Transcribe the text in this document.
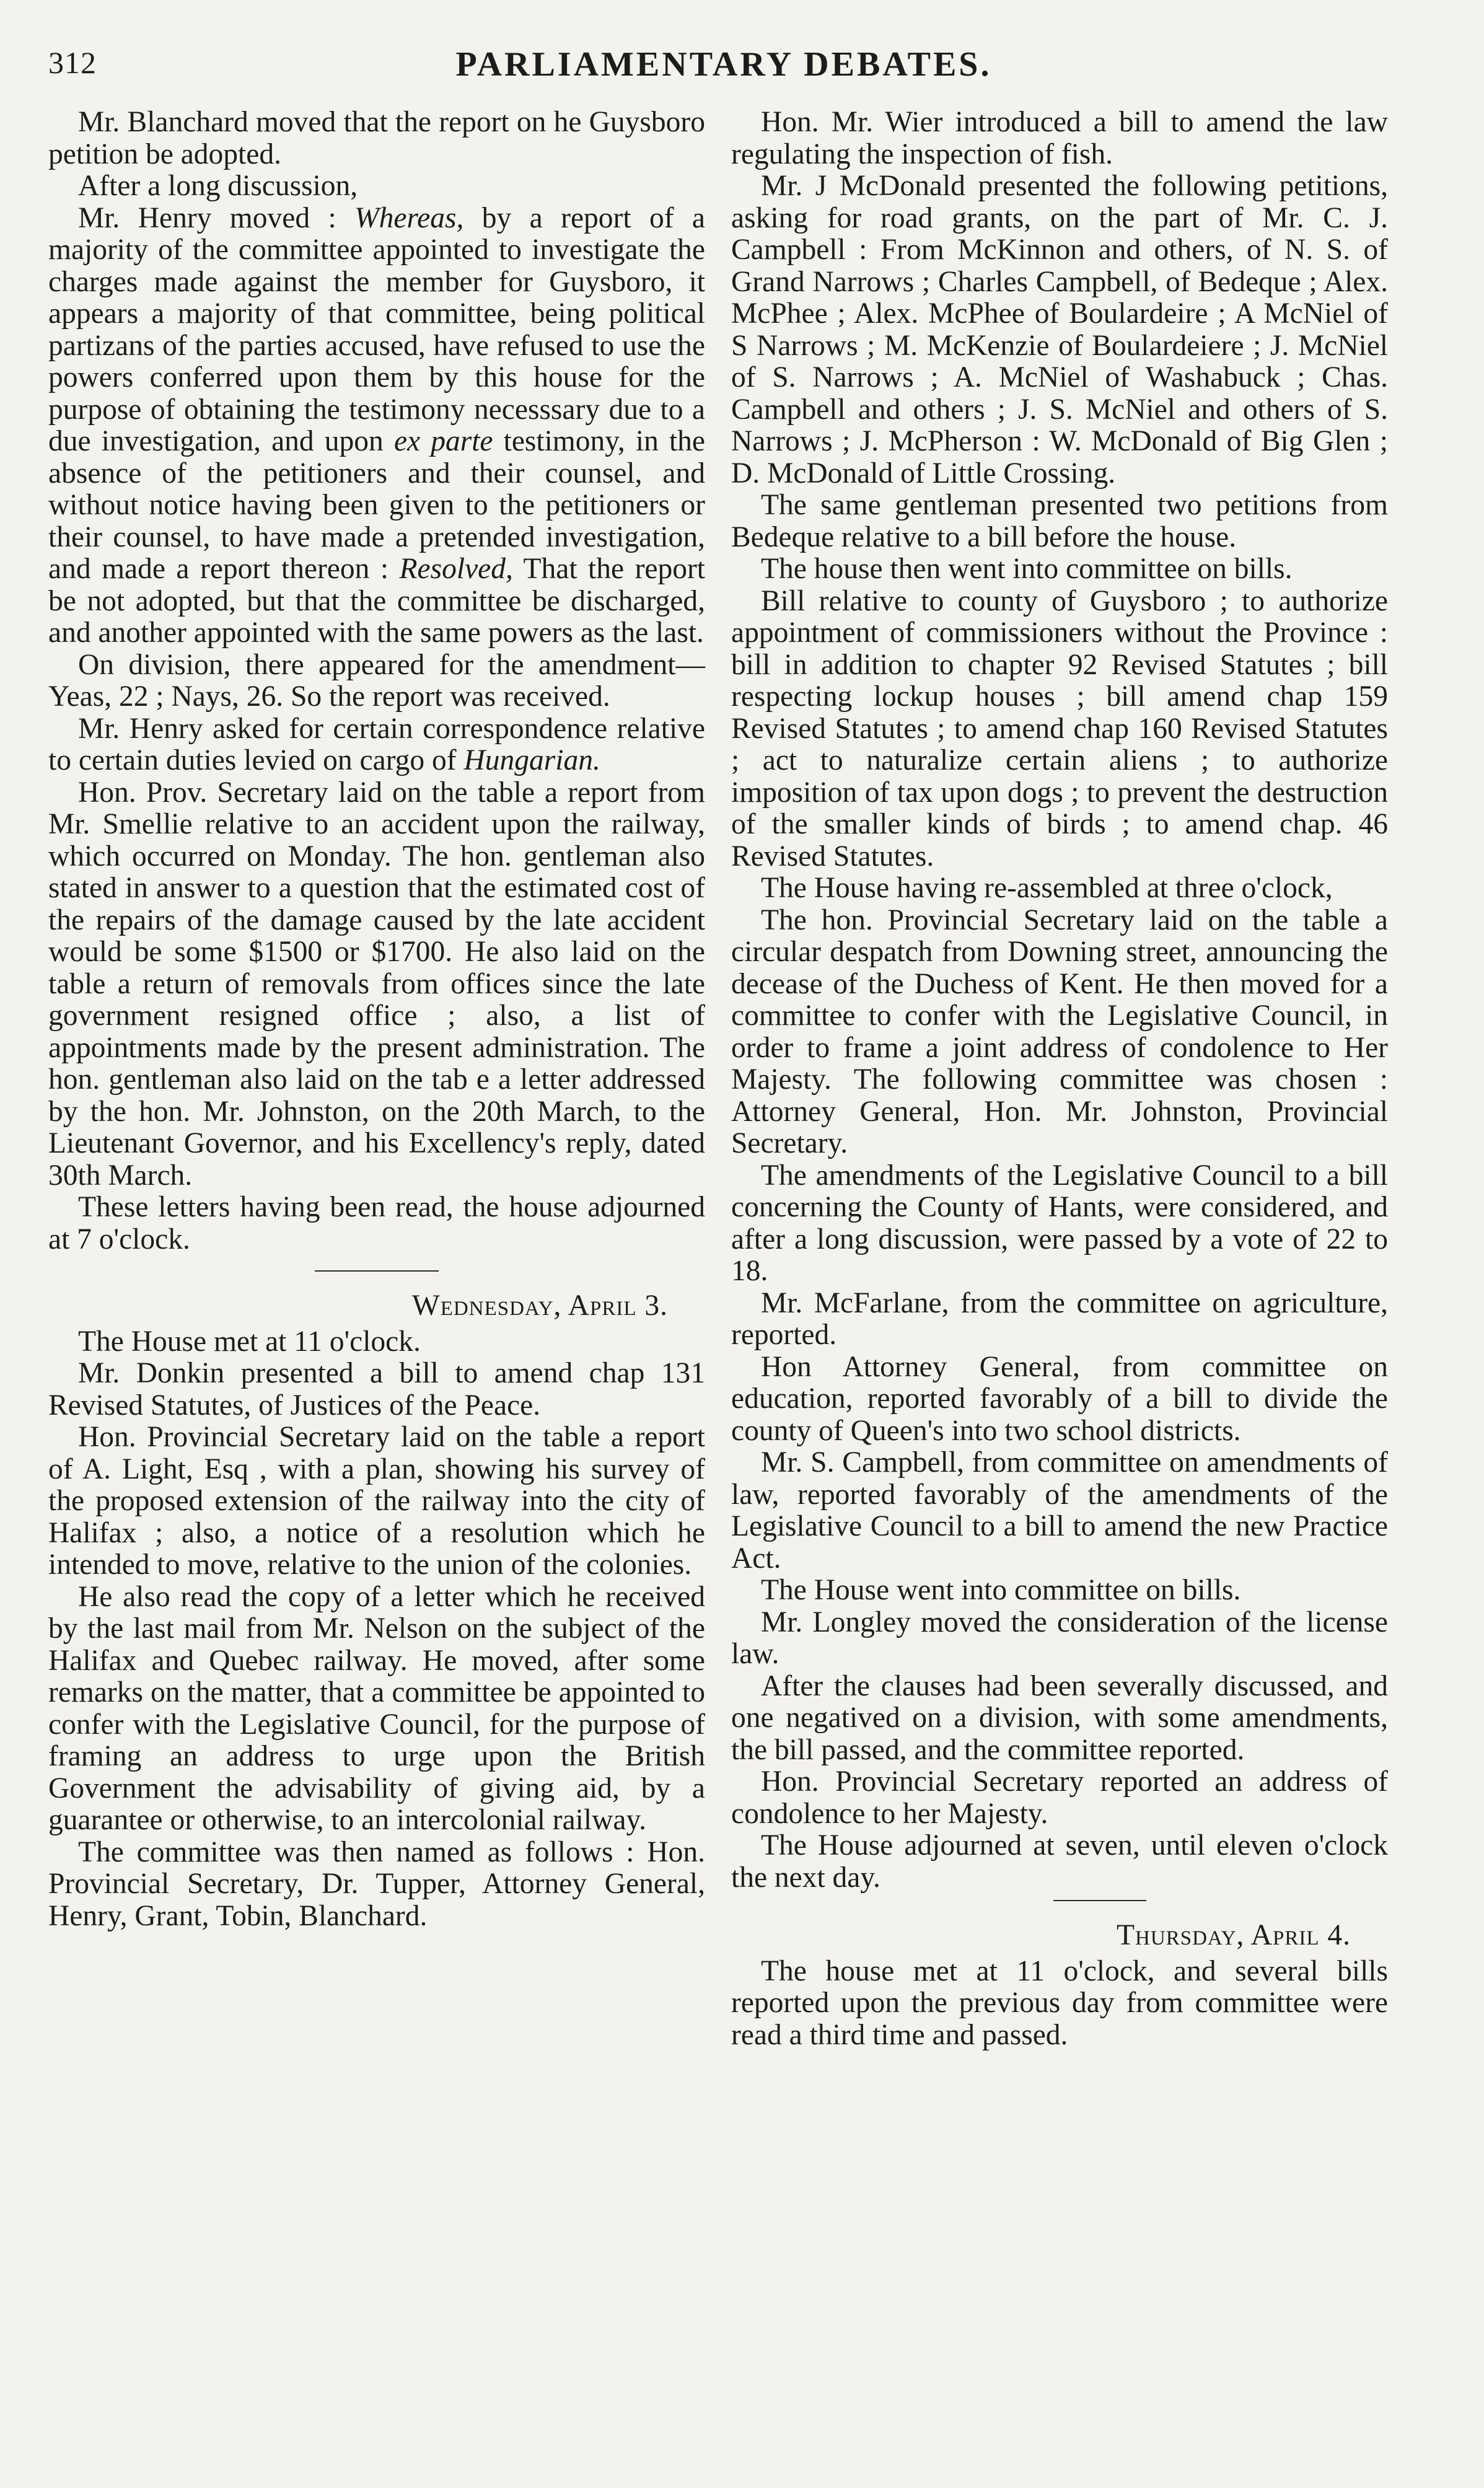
312	PARLIAMENTARY DEBATES.

Mr. Blanchard moved that the report on he Guysboro petition be adopted.

After a long discussion,

Mr. Henry moved : Whereas, by a report of a majority of the committee appointed to investigate the charges made against the member for Guysboro, it appears a majority of that committee, being political partizans of the parties accused, have refused to use the powers conferred upon them by this house for the purpose of obtaining the testimony necesssary due to a due investigation, and upon ex parte testimony, in the absence of the petitioners and their counsel, and without notice having been given to the petitioners or their counsel, to have made a pretended investigation, and made a report thereon : Resolved, That the report be not adopted, but that the committee be discharged, and another appointed with the same powers as the last.

On division, there appeared for the amendment—Yeas, 22 ; Nays, 26. So the report was received.

Mr. Henry asked for certain correspondence relative to certain duties levied on cargo of Hungarian.

Hon. Prov. Secretary laid on the table a report from Mr. Smellie relative to an accident upon the railway, which occurred on Monday. The hon. gentleman also stated in answer to a question that the estimated cost of the repairs of the damage caused by the late accident would be some $1500 or $1700. He also laid on the table a return of removals from offices since the late government resigned office ; also, a list of appointments made by the present administration. The hon. gentleman also laid on the tab e a letter addressed by the hon. Mr. Johnston, on the 20th March, to the Lieutenant Governor, and his Excellency's reply, dated 30th March.

These letters having been read, the house adjourned at 7 o'clock.

Wednesday, April 3.

The House met at 11 o'clock.

Mr. Donkin presented a bill to amend chap 131 Revised Statutes, of Justices of the Peace.

Hon. Provincial Secretary laid on the table a report of A. Light, Esq , with a plan, showing his survey of the proposed extension of the railway into the city of Halifax ; also, a notice of a resolution which he intended to move, relative to the union of the colonies.

He also read the copy of a letter which he received by the last mail from Mr. Nelson on the subject of the Halifax and Quebec railway. He moved, after some remarks on the matter, that a committee be appointed to confer with the Legislative Council, for the purpose of framing an address to urge upon the British Government the advisability of giving aid, by a guarantee or otherwise, to an intercolonial railway.

The committee was then named as follows : Hon. Provincial Secretary, Dr. Tupper, Attorney General, Henry, Grant, Tobin, Blanchard.

Hon. Mr. Wier introduced a bill to amend the law regulating the inspection of fish.

Mr. J McDonald presented the following petitions, asking for road grants, on the part of Mr. C. J. Campbell : From McKinnon and others, of N. S. of Grand Narrows ; Charles Campbell, of Bedeque ; Alex. McPhee ; Alex. McPhee of Boulardeire ; A McNiel of S Narrows ; M. McKenzie of Boulardeiere ; J. McNiel of S. Narrows ; A. McNiel of Washabuck ; Chas. Campbell and others ; J. S. McNiel and others of S. Narrows ; J. McPherson : W. McDonald of Big Glen ; D. McDonald of Little Crossing.

The same gentleman presented two petitions from Bedeque relative to a bill before the house.

The house then went into committee on bills.

Bill relative to county of Guysboro ; to authorize appointment of commissioners without the Province : bill in addition to chapter 92 Revised Statutes ; bill respecting lockup houses ; bill amend chap 159 Revised Statutes ; to amend chap 160 Revised Statutes ; act to naturalize certain aliens ; to authorize imposition of tax upon dogs ; to prevent the destruction of the smaller kinds of birds ; to amend chap. 46 Revised Statutes.

The House having re-assembled at three o'clock,

The hon. Provincial Secretary laid on the table a circular despatch from Downing street, announcing the decease of the Duchess of Kent. He then moved for a committee to confer with the Legislative Council, in order to frame a joint address of condolence to Her Majesty. The following committee was chosen : Attorney General, Hon. Mr. Johnston, Provincial Secretary.

The amendments of the Legislative Council to a bill concerning the County of Hants, were considered, and after a long discussion, were passed by a vote of 22 to 18.

Mr. McFarlane, from the committee on agriculture, reported.

Hon Attorney General, from committee on education, reported favorably of a bill to divide the county of Queen's into two school districts.

Mr. S. Campbell, from committee on amendments of law, reported favorably of the amendments of the Legislative Council to a bill to amend the new Practice Act.

The House went into committee on bills.

Mr. Longley moved the consideration of the license law.

After the clauses had been severally discussed, and one negatived on a division, with some amendments, the bill passed, and the committee reported.

Hon. Provincial Secretary reported an address of condolence to her Majesty.

The House adjourned at seven, until eleven o'clock the next day.

Thursday, April 4.

The house met at 11 o'clock, and several bills reported upon the previous day from committee were read a third time and passed.
